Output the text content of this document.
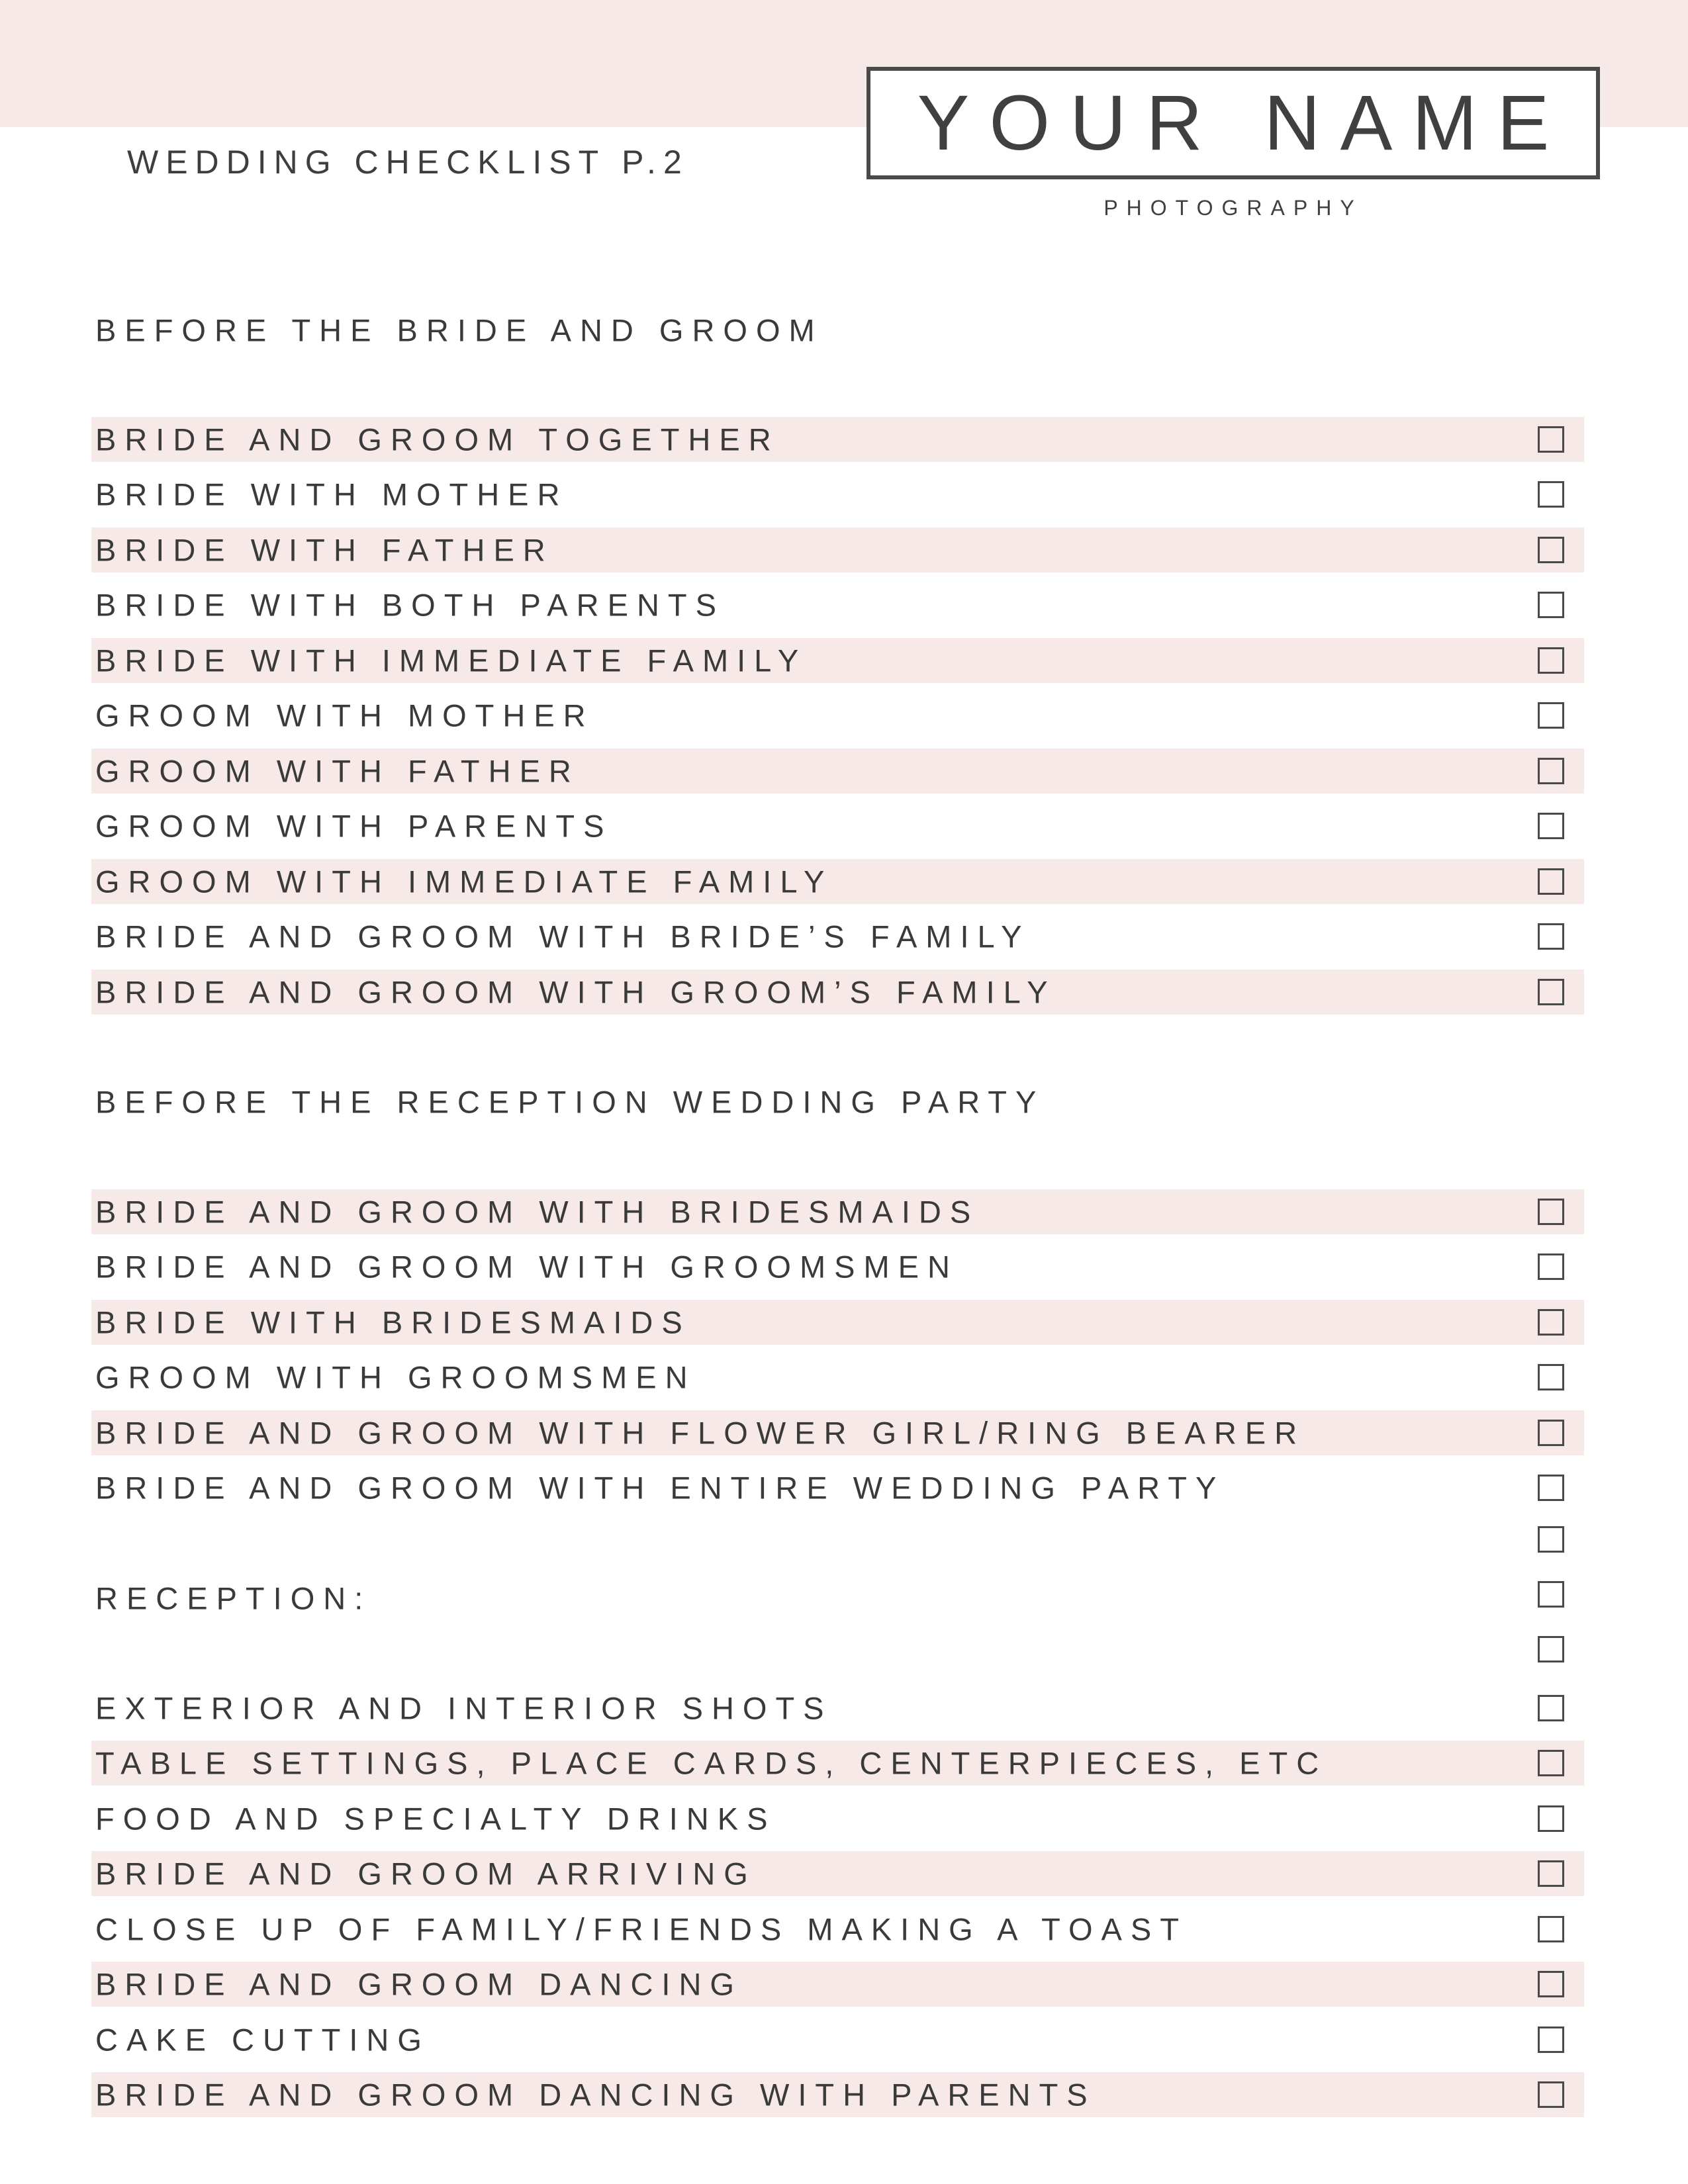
WEDDING CHECKLIST P.2	YOUR NAME
PHOTOGRAPHY
BEFORE THE BRIDE AND GROOM
BRIDE AND GROOM TOGETHER
BRIDE WITH MOTHER
BRIDE WITH FATHER
BRIDE WITH BOTH PARENTS
BRIDE WITH IMMEDIATE FAMILY
GROOM WITH MOTHER
GROOM WITH FATHER
GROOM WITH PARENTS
GROOM WITH IMMEDIATE FAMILY
BRIDE AND GROOM WITH BRIDE’S FAMILY
BRIDE AND GROOM WITH GROOM’S FAMILY
BEFORE THE RECEPTION WEDDING PARTY
BRIDE AND GROOM WITH BRIDESMAIDS
BRIDE AND GROOM WITH GROOMSMEN
BRIDE WITH BRIDESMAIDS
GROOM WITH GROOMSMEN
BRIDE AND GROOM WITH FLOWER GIRL/RING BEARER
BRIDE AND GROOM WITH ENTIRE WEDDING PARTY
RECEPTION:
EXTERIOR AND INTERIOR SHOTS
TABLE SETTINGS, PLACE CARDS, CENTERPIECES, ETC
FOOD AND SPECIALTY DRINKS
BRIDE AND GROOM ARRIVING
CLOSE UP OF FAMILY/FRIENDS MAKING A TOAST
BRIDE AND GROOM DANCING
CAKE CUTTING
BRIDE AND GROOM DANCING WITH PARENTS
